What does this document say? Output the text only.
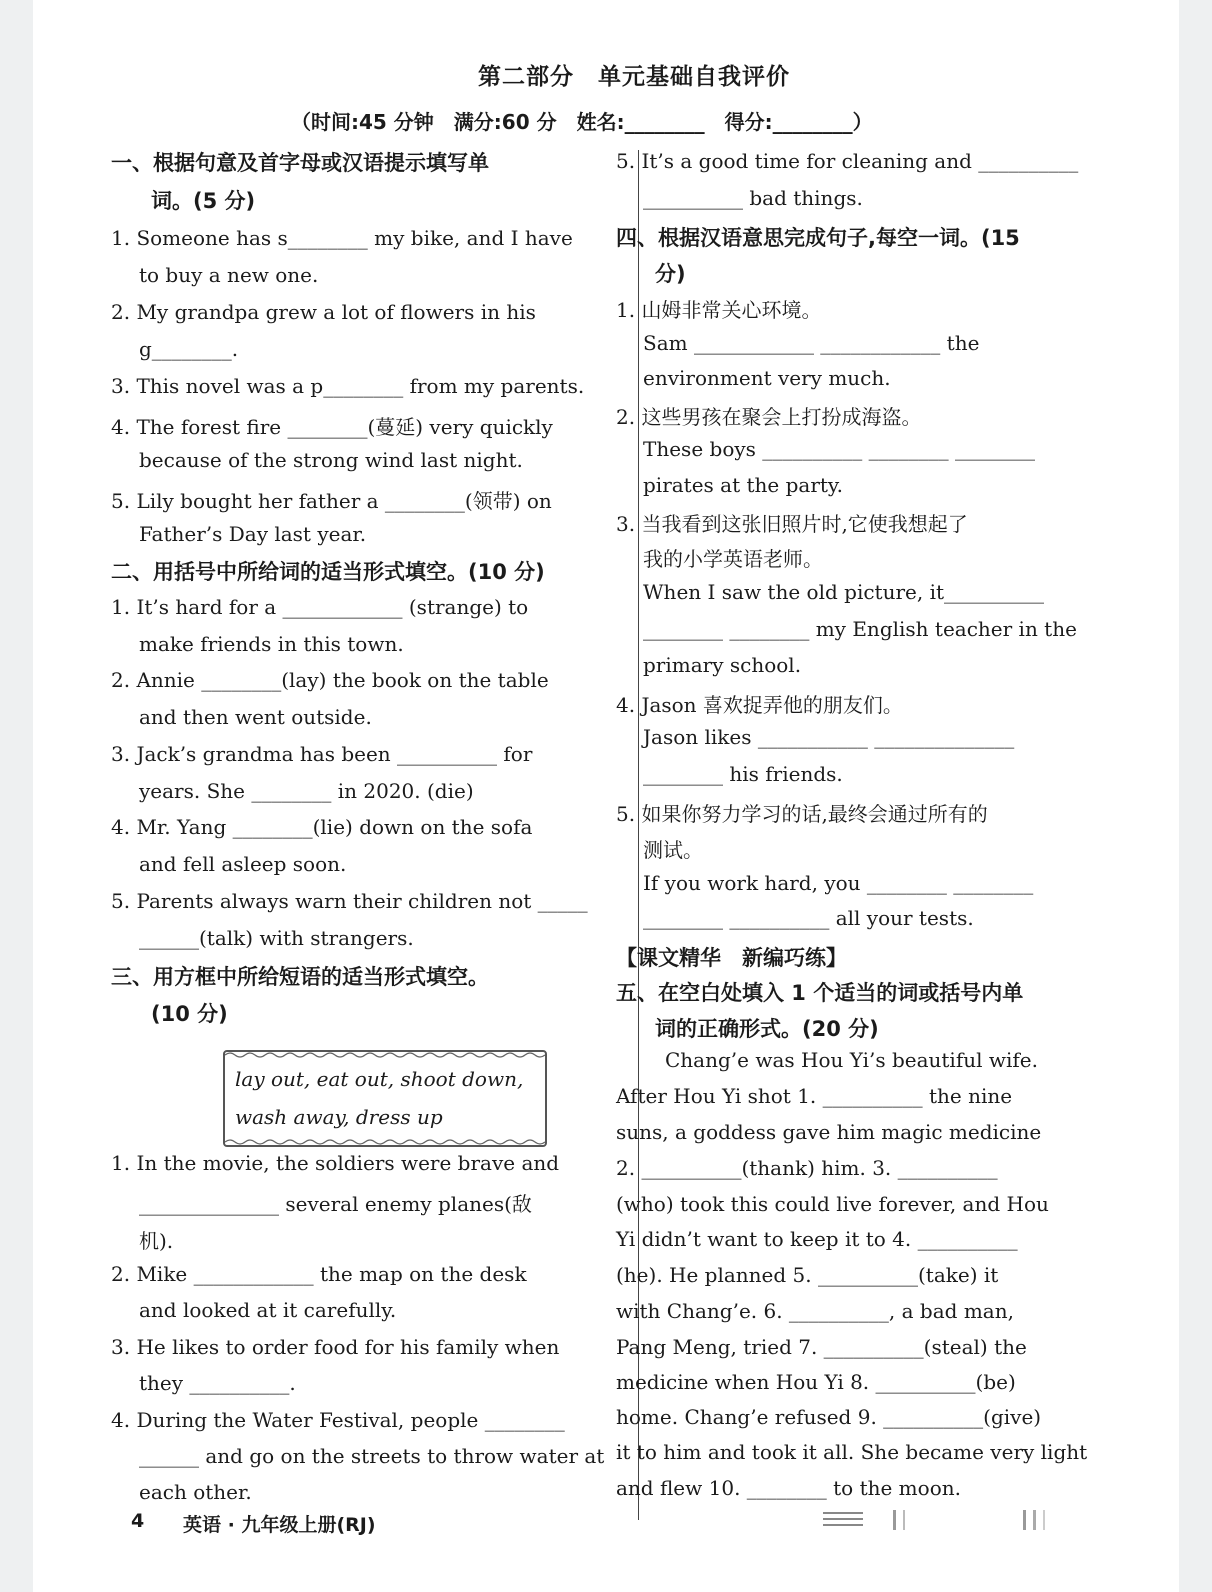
第二部分　单元基础自我评价
（时间:45 分钟　满分:60 分　姓名:________　得分:________）
一、根据句意及首字母或汉语提示填写单
词。(5 分)
1. Someone has s________ my bike, and I have
to buy a new one.
2. My grandpa grew a lot of flowers in his
g________.
3. This novel was a p________ from my parents.
4. The forest fire ________(蔓延) very quickly
because of the strong wind last night.
5. Lily bought her father a ________(领带) on
Father’s Day last year.
二、用括号中所给词的适当形式填空。(10 分)
1. It’s hard for a ____________ (strange) to
make friends in this town.
2. Annie ________(lay) the book on the table
and then went outside.
3. Jack’s grandma has been __________ for
years. She ________ in 2020. (die)
4. Mr. Yang ________(lie) down on the sofa
and fell asleep soon.
5. Parents always warn their children not _____
______(talk) with strangers.
三、用方框中所给短语的适当形式填空。
(10 分)
lay out, eat out, shoot down,
wash away, dress up
1. In the movie, the soldiers were brave and
______________ several enemy planes(敌
机).
2. Mike ____________ the map on the desk
and looked at it carefully.
3. He likes to order food for his family when
they __________.
4. During the Water Festival, people ________
______ and go on the streets to throw water at
each other.
5. It’s a good time for cleaning and __________
__________ bad things.
四、根据汉语意思完成句子,每空一词。(15
分)
1. 山姆非常关心环境。
Sam ____________ ____________ the
environment very much.
2. 这些男孩在聚会上打扮成海盗。
These boys __________ ________ ________
pirates at the party.
3. 当我看到这张旧照片时,它使我想起了
我的小学英语老师。
When I saw the old picture, it__________
________ ________ my English teacher in the
primary school.
4. Jason 喜欢捉弄他的朋友们。
Jason likes ___________ ______________
________ his friends.
5. 如果你努力学习的话,最终会通过所有的
测试。
If you work hard, you ________ ________
________ __________ all your tests.
【课文精华　新编巧练】
五、在空白处填入 1 个适当的词或括号内单
词的正确形式。(20 分)
Chang’e was Hou Yi’s beautiful wife.
After Hou Yi shot 1. __________ the nine
suns, a goddess gave him magic medicine
2. __________(thank) him. 3. __________
(who) took this could live forever, and Hou
Yi didn’t want to keep it to 4. __________
(he). He planned 5. __________(take) it
with Chang’e. 6. __________, a bad man,
Pang Meng, tried 7. __________(steal) the
medicine when Hou Yi 8. __________(be)
home. Chang’e refused 9. __________(give)
it to him and took it all. She became very light
and flew 10. ________ to the moon.
4 英语 · 九年级上册(RJ)
